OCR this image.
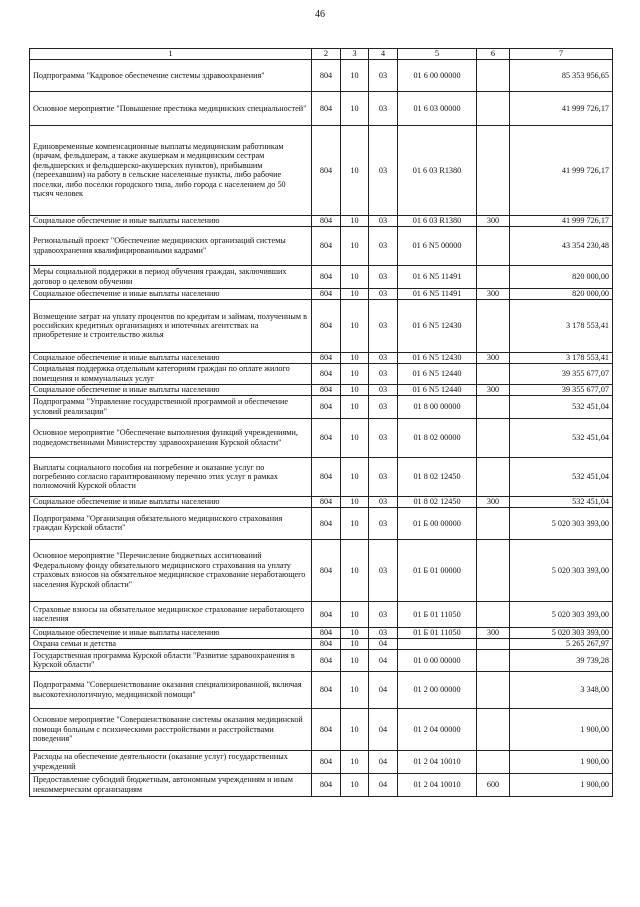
46
1	2	3	4	5	6	7
Подпрограмма "Кадровое обеспечение системы здравоохранения"	804	10	03	01 6 00 00000		85 353 956,65
Основное мероприятие "Повышение престижа медицинских специальностей"	804	10	03	01 6 03 00000		41 999 726,17
Единовременные компенсационные выплаты медицинским работникам (врачам, фельдшерам, а также акушеркам и медицинским сестрам фельдшерских и фельдшерско-акушерских пунктов), прибывшим (переехавшим) на работу в сельские населенные пункты, либо рабочие поселки, либо поселки городского типа, либо города с населением до 50 тысяч человек	804	10	03	01 6 03 R1380		41 999 726,17
Социальное обеспечение и иные выплаты населению	804	10	03	01 6 03 R1380	300	41 999 726,17
Региональный проект "Обеспечение медицинских организаций системы здравоохранения квалифицированными кадрами"	804	10	03	01 6 N5 00000		43 354 230,48
Меры социальной поддержки в период обучения граждан, заключивших договор о целевом обучении	804	10	03	01 6 N5 11491		820 000,00
Социальное обеспечение и иные выплаты населению	804	10	03	01 6 N5 11491	300	820 000,00
Возмещение затрат на уплату процентов по кредитам и займам, полученным в российских кредитных организациях и ипотечных агентствах на приобретение и строительство жилья	804	10	03	01 6 N5 12430		3 178 553,41
Социальное обеспечение и иные выплаты населению	804	10	03	01 6 N5 12430	300	3 178 553,41
Социальная поддержка отдельным категориям граждан по оплате жилого помещения и коммунальных услуг	804	10	03	01 6 N5 12440		39 355 677,07
Социальное обеспечение и иные выплаты населению	804	10	03	01 6 N5 12440	300	39 355 677,07
Подпрограмма "Управление государственной программой и обеспечение условий реализации"	804	10	03	01 8 00 00000		532 451,04
Основное мероприятие "Обеспечение выполнения функций учреждениями, подведомственными Министерству здравоохранения Курской области"	804	10	03	01 8 02 00000		532 451,04
Выплаты социального пособия на погребение и оказание услуг по погребению согласно гарантированному перечню этих услуг в рамках полномочий Курской области	804	10	03	01 8 02 12450		532 451,04
Социальное обеспечение и иные выплаты населению	804	10	03	01 8 02 12450	300	532 451,04
Подпрограмма "Организация обязательного медицинского страхования граждан Курской области"	804	10	03	01 Б 00 00000		5 020 303 393,00
Основное мероприятие "Перечисление бюджетных ассигнований Федеральному фонду обязательного медицинского страхования на уплату страховых взносов на обязательное медицинское страхование неработающего населения Курской области"	804	10	03	01 Б 01 00000		5 020 303 393,00
Страховые взносы на обязательное медицинское страхование неработающего населения	804	10	03	01 Б 01 11050		5 020 303 393,00
Социальное обеспечение и иные выплаты населению	804	10	03	01 Б 01 11050	300	5 020 303 393,00
Охрана семьи и детства	804	10	04			5 265 267,97
Государственная программа Курской области "Развитие здравоохранения в Курской области"	804	10	04	01 0 00 00000		39 739,28
Подпрограмма "Совершенствование оказания специализированной, включая высокотехнологичную, медицинской помощи"	804	10	04	01 2 00 00000		3 348,00
Основное мероприятие "Совершенствование системы оказания медицинской помощи больным с психическими расстройствами и расстройствами поведения"	804	10	04	01 2 04 00000		1 900,00
Расходы на обеспечение деятельности (оказание услуг) государственных учреждений	804	10	04	01 2 04 10010		1 900,00
Предоставление субсидий бюджетным, автономным учреждениям и иным некоммерческим организациям	804	10	04	01 2 04 10010	600	1 900,00
